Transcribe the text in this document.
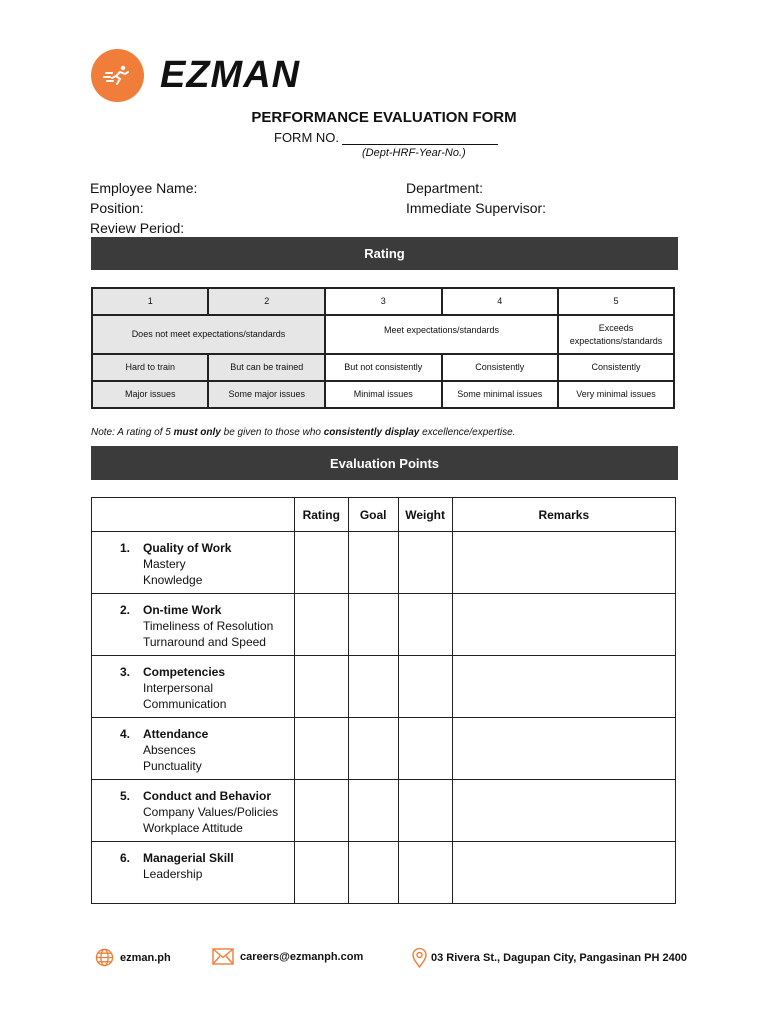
EZMAN
PERFORMANCE EVALUATION FORM
FORM NO.
(Dept-HRF-Year-No.)
Employee Name:
Position:
Review Period:
Department:
Immediate Supervisor:
Rating
1	2	3	4	5
Does not meet expectations/standards		Meet expectations/standards		Exceeds expectations/standards
Hard to train	But can be trained	But not consistently	Consistently	Consistently
Major issues	Some major issues	Minimal issues	Some minimal issues	Very minimal issues
Note: A rating of 5 must only be given to those who consistently display excellence/expertise.
Evaluation Points
	Rating	Goal	Weight	Remarks

1. Quality of Work
Mastery
Knowledge				

2. On-time Work
Timeliness of Resolution
Turnaround and Speed				

3. Competencies
Interpersonal
Communication				

4. Attendance
Absences
Punctuality				

5. Conduct and Behavior
Company Values/Policies
Workplace Attitude				

6. Managerial Skill
Leadership				

ezman.ph	careers@ezmanph.com	03 Rivera St., Dagupan City, Pangasinan PH 2400
